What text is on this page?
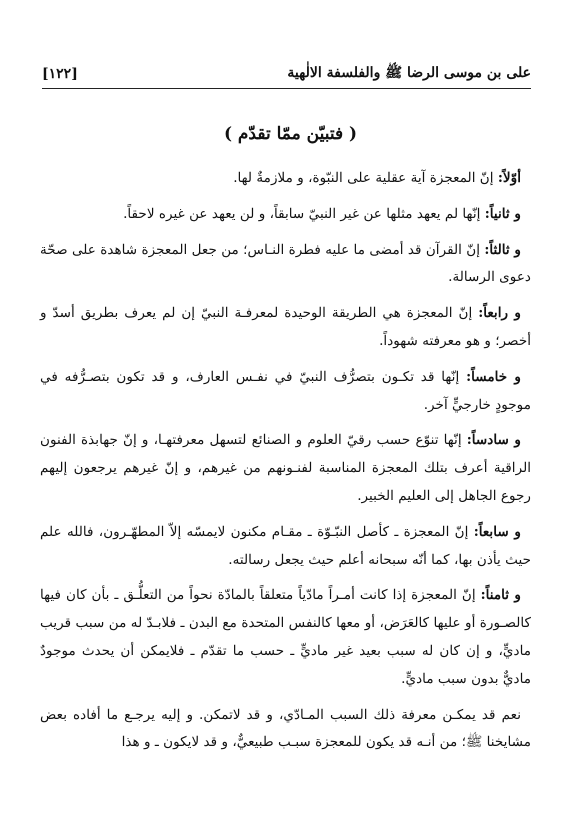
[١٢٢]	على بن موسى الرضا ﷺ والفلسفة الالٰهية
( فتبيّن ممّا تقدّم )

أوّلاً: إنّ المعجزة آية عقلية على النبّوة، و ملازمةٌ لها.

و ثانياً: إنّها لم يعهد مثلها عن غير النبيّ سابقاً، و لن يعهد عن غيره لاحقاً.

و ثالثاً: إنّ القرآن قد أمضى ما عليه فطرة النـاس؛ من جعل المعجزة شاهدة على صحّة دعوى الرسالة.

و رابعاً: إنّ المعجزة هي الطريقة الوحيدة لمعرفـة النبيّ إن لم يعرف بطريق أسدّ و أخصر؛ و هو معرفته شهوداً.

و خامساً: إنّها قد تكـون بتصرُّف النبيّ في نفـس العارف، و قد تكون بتصـرُّفه في موجودٍ خارجيٍّ آخر.

و سادساً: إنّها تنوّع حسب رقيّ العلوم و الصنائع لتسهل معرفتهـا، و إنّ جهابذة الفنون الراقية أعرف بتلك المعجزة المناسبة لفنـونهم من غيرهم، و إنّ غيرهم يرجعون إليهم رجوع الجاهل إلى العليم الخبير.

و سابعاً: إنّ المعجزة ـ كأصل النبّـوّة ـ مقـام مكنون لايمسّه إلاّ المطهّـرون، فالله علم حيث يأذن بها، كما أنّه سبحانه أعلم حيث يجعل رسالته.

و ثامناً: إنّ المعجزة إذا كانت أمـراً مادّياً متعلقاً بالمادّة نحواً من التعلُّـق ـ بأن كان فيها كالصـورة أو عليها كالعَرَض، أو معها كالنفس المتحدة مع البدن ـ فلابـدّ له من سبب قريب ماديٍّ، و إن كان له سبب بعيد غير ماديٍّ ـ حسب ما تقدّم ـ فلايمكن أن يحدث موجودٌ ماديٌّ بدون سبب ماديٍّ.

نعم قد يمكـن معرفة ذلك السبب المـادّي، و قد لاتمكن. و إليه يرجـع ما أفاده بعض مشايخنا ﷺ؛ من أنـه قد يكون للمعجزة سبـب طبيعيٌّ، و قد لايكون ـ و هذا
